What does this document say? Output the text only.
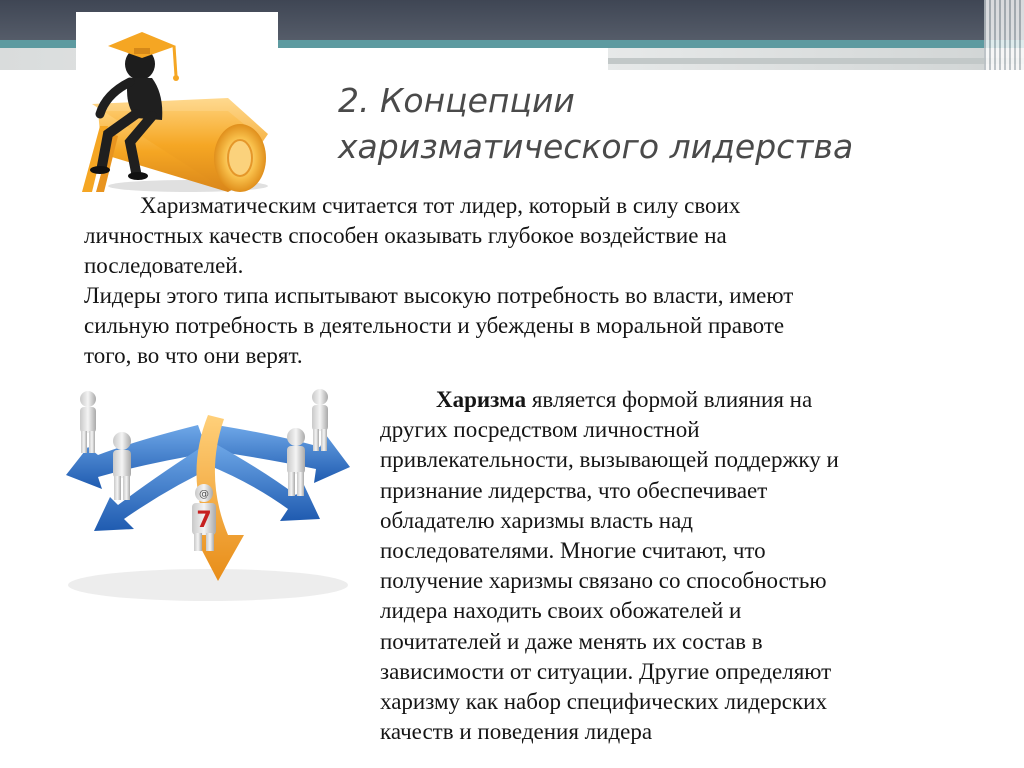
2. Концепции
харизматического лидерства

Харизматическим считается тот лидер, который в силу своих

личностных качеств способен оказывать глубокое воздействие на

последователей.

Лидеры этого типа испытывают высокую потребность во власти, имеют

сильную потребность в деятельности и убеждены в моральной правоте

того, во что они верят.

@
7

Харизма является формой влияния на

других посредством личностной

привлекательности, вызывающей поддержку и

признание лидерства, что обеспечивает

обладателю харизмы власть над

последователями. Многие считают, что

получение харизмы связано со способностью

лидера находить своих обожателей и

почитателей и даже менять их состав в

зависимости от ситуации. Другие определяют

харизму как набор специфических лидерских

качеств и поведения лидера
